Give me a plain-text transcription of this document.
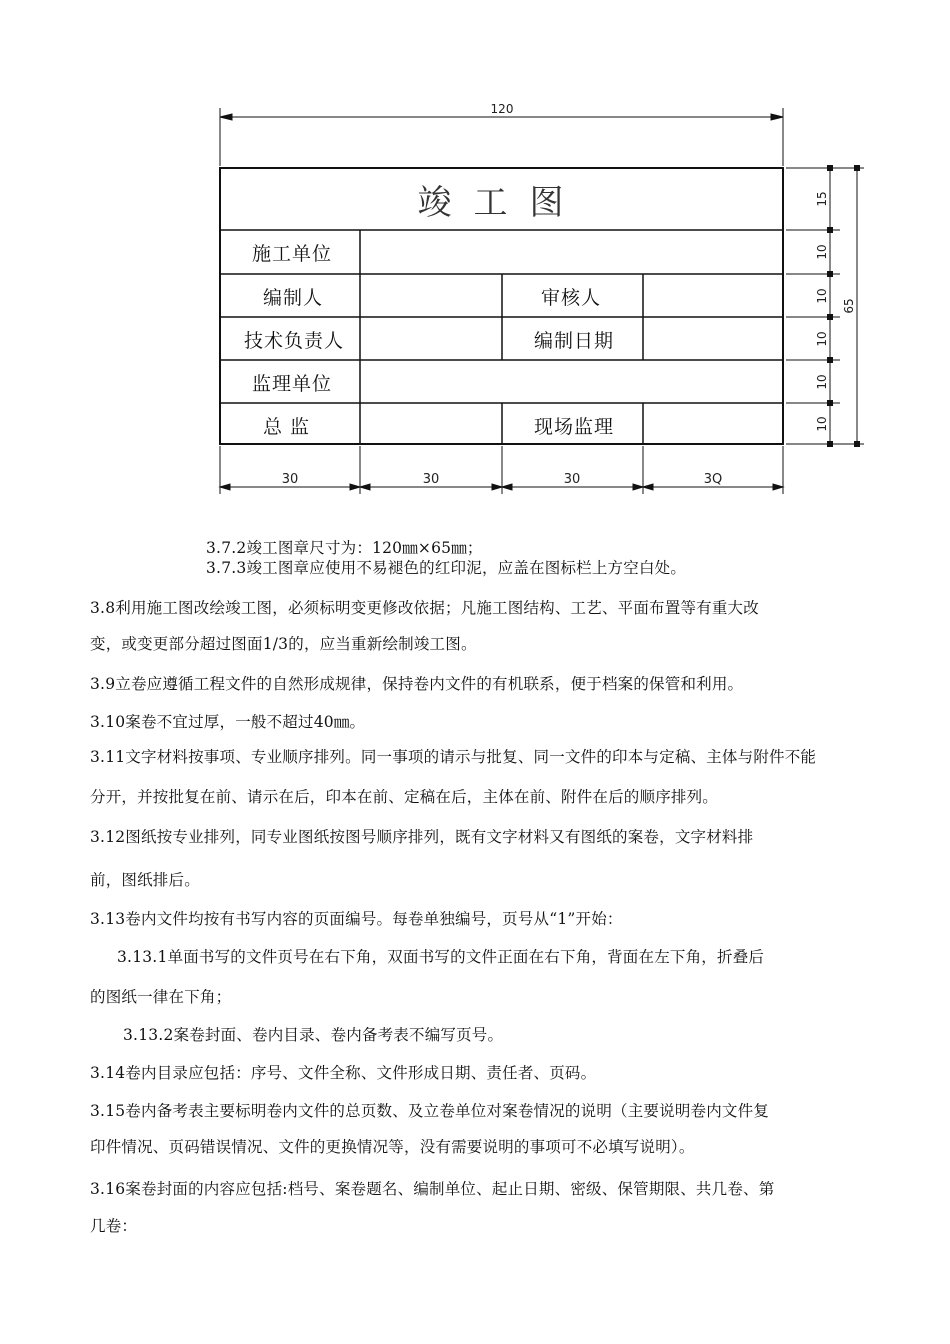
120
30	30	30	3Q
15
10
10
10
10
10
65
竣工图
施工单位
编制人	审核人
技术负责人	编制日期
监理单位
总 监	现场监理
3.7.2竣工图章尺寸为：120㎜×65㎜；
3.7.3竣工图章应使用不易褪色的红印泥，应盖在图标栏上方空白处。
3.8利用施工图改绘竣工图，必须标明变更修改依据；凡施工图结构、工艺、平面布置等有重大改
变，或变更部分超过图面1/3的，应当重新绘制竣工图。
3.9立卷应遵循工程文件的自然形成规律，保持卷内文件的有机联系，便于档案的保管和利用。
3.10案卷不宜过厚，一般不超过40㎜。
3.11文字材料按事项、专业顺序排列。同一事项的请示与批复、同一文件的印本与定稿、主体与附件不能
分开，并按批复在前、请示在后，印本在前、定稿在后，主体在前、附件在后的顺序排列。
3.12图纸按专业排列，同专业图纸按图号顺序排列，既有文字材料又有图纸的案卷，文字材料排
前，图纸排后。
3.13卷内文件均按有书写内容的页面编号。每卷单独编号，页号从“1”开始：
3.13.1单面书写的文件页号在右下角，双面书写的文件正面在右下角，背面在左下角，折叠后
的图纸一律在下角；
3.13.2案卷封面、卷内目录、卷内备考表不编写页号。
3.14卷内目录应包括：序号、文件全称、文件形成日期、责任者、页码。
3.15卷内备考表主要标明卷内文件的总页数、及立卷单位对案卷情况的说明（主要说明卷内文件复
印件情况、页码错误情况、文件的更换情况等，没有需要说明的事项可不必填写说明）。
3.16案卷封面的内容应包括:档号、案卷题名、编制单位、起止日期、密级、保管期限、共几卷、第
几卷：
